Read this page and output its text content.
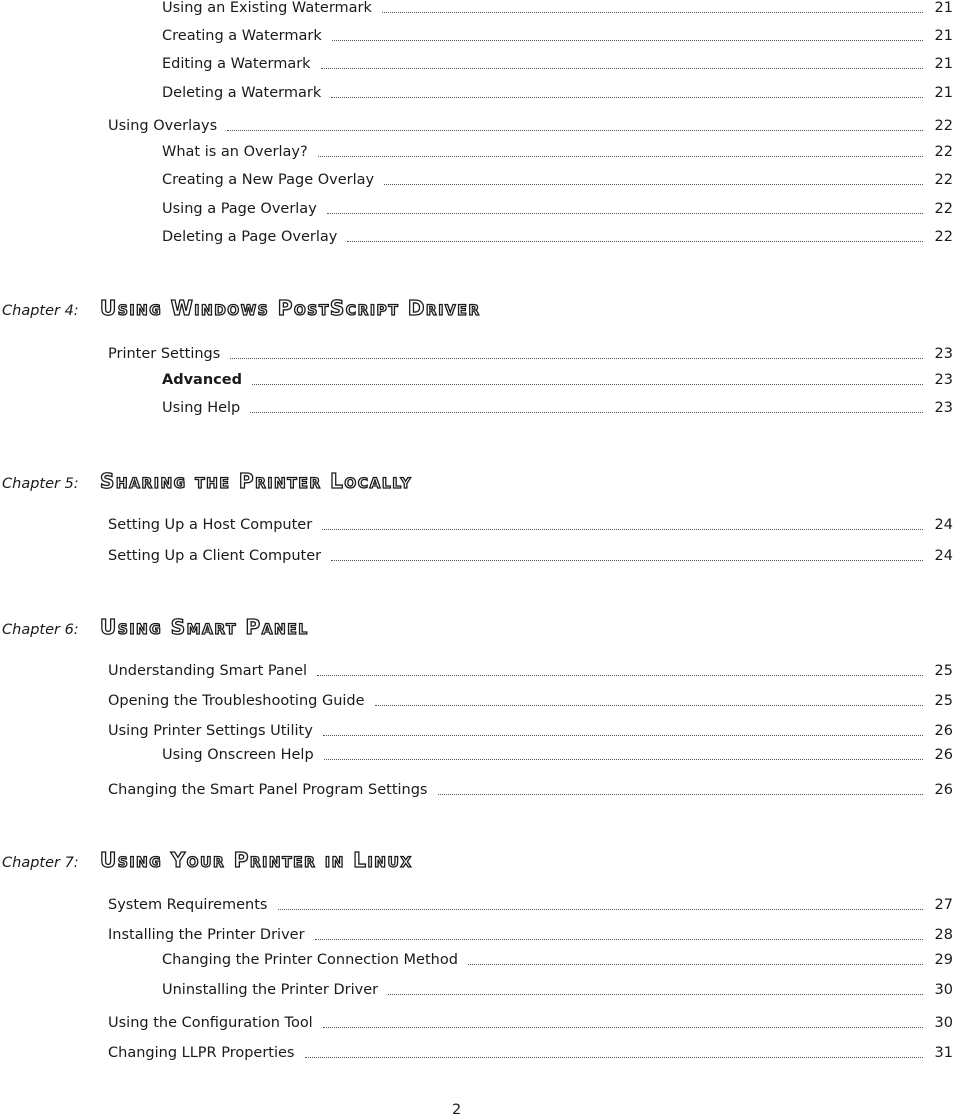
Using an Existing Watermark	21
Creating a Watermark	21
Editing a Watermark	21
Deleting a Watermark	21
Using Overlays	22
What is an Overlay?	22
Creating a New Page Overlay	22
Using a Page Overlay	22
Deleting a Page Overlay	22
Chapter 4: Using Windows PostScript Driver
Printer Settings	23
Advanced	23
Using Help	23
Chapter 5: Sharing the Printer Locally
Setting Up a Host Computer	24
Setting Up a Client Computer	24
Chapter 6: Using Smart Panel
Understanding Smart Panel	25
Opening the Troubleshooting Guide	25
Using Printer Settings Utility	26
Using Onscreen Help	26
Changing the Smart Panel Program Settings	26
Chapter 7: Using Your Printer in Linux
System Requirements	27
Installing the Printer Driver	28
Changing the Printer Connection Method	29
Uninstalling the Printer Driver	30
Using the Configuration Tool	30
Changing LLPR Properties	31
2
